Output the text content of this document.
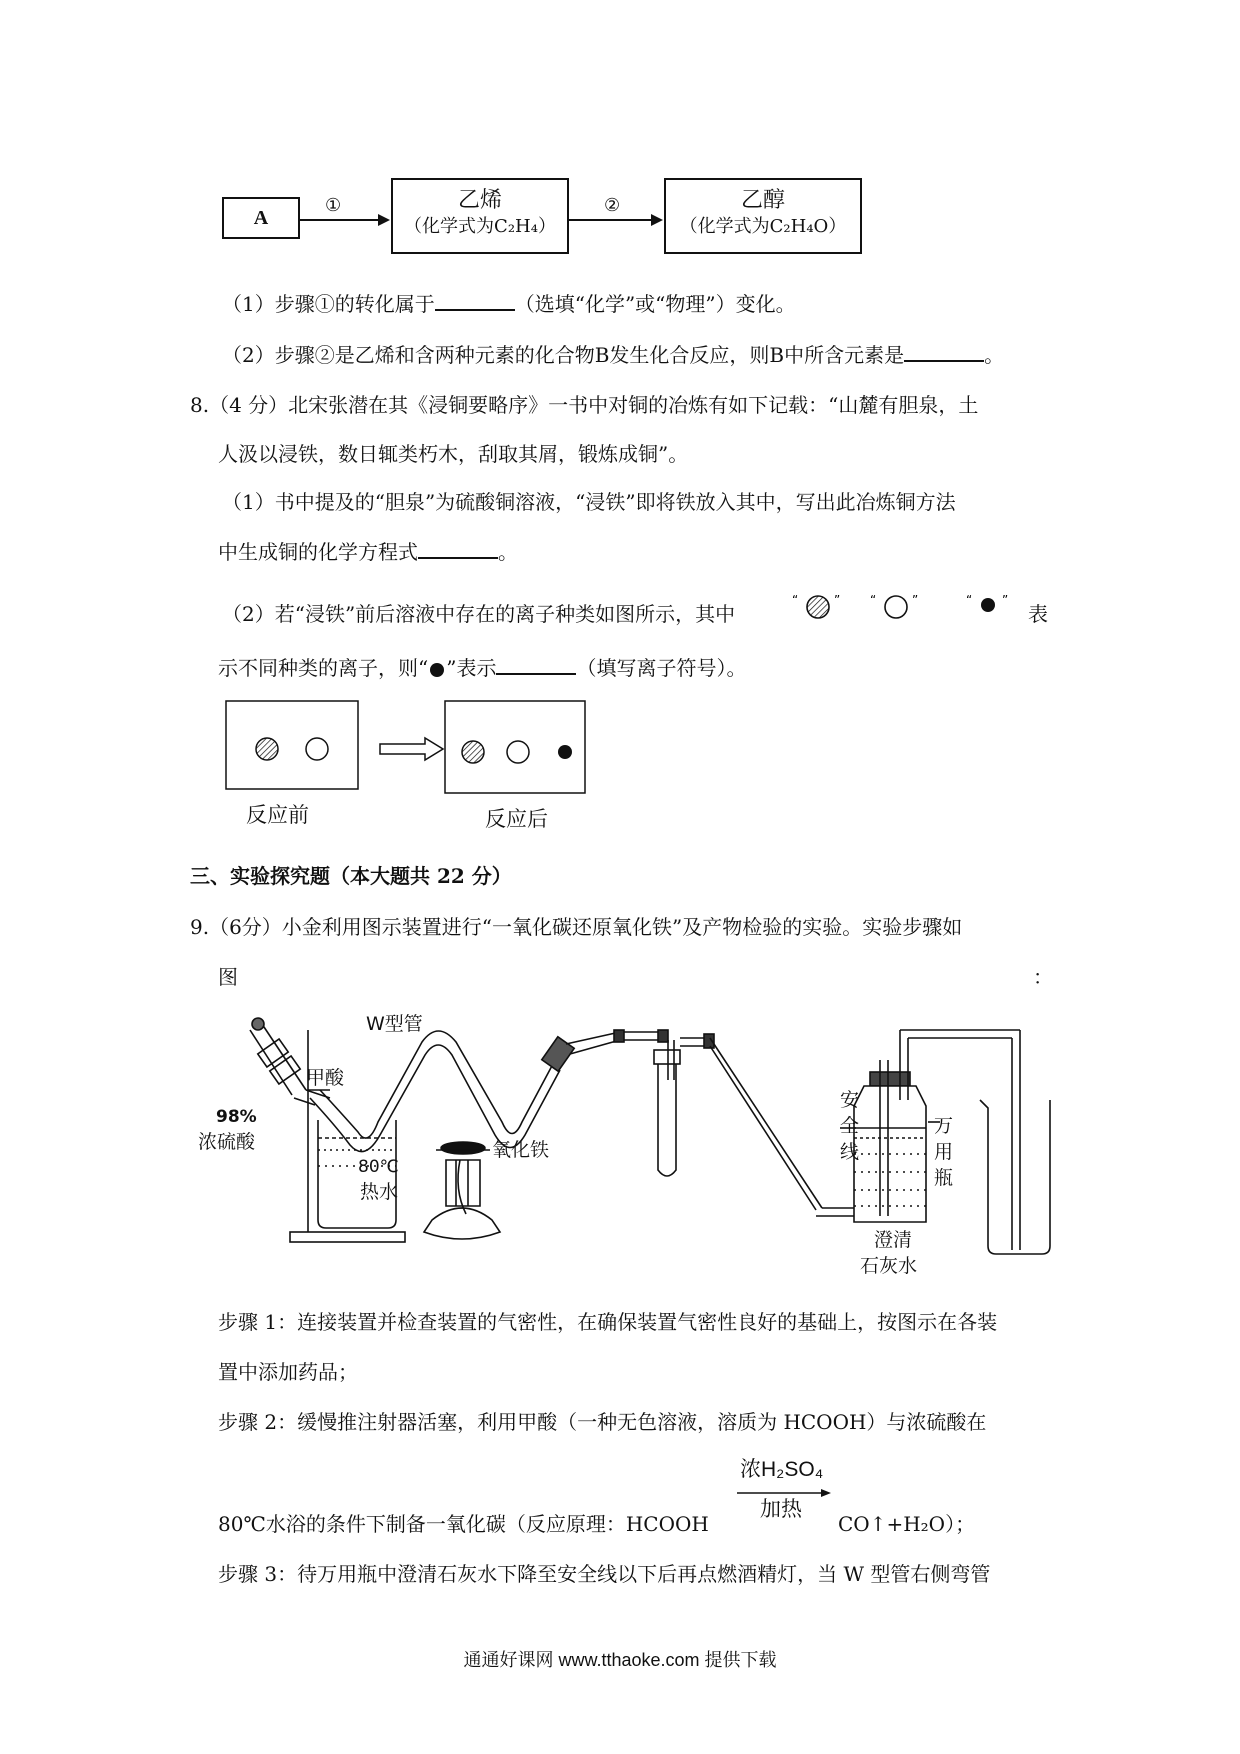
A
①	乙烯
（化学式为C₂H₄）
②	乙醇
（化学式为C₂H₄O）
（1）步骤①的转化属于	（选填“化学”或“物理”）变化。
（2）步骤②是乙烯和含两种元素的化合物B发生化合反应，则B中所含元素是	。
8.（4 分）北宋张潜在其《浸铜要略序》一书中对铜的冶炼有如下记载：“山麓有胆泉，土
人汲以浸铁，数日辄类朽木，刮取其屑，锻炼成铜”。
（1）书中提及的“胆泉”为硫酸铜溶液，“浸铁”即将铁放入其中，写出此冶炼铜方法
中生成铜的化学方程式	。
（2）若“浸铁”前后溶液中存在的离子种类如图所示，其中
“	” “	”	“ ”
表
示不同种类的离子，则“ ”表示	（填写离子符号）。
反应前	反应后
三、实验探究题（本大题共 22 分）
9.（6分）小金利用图示装置进行“一氧化碳还原氧化铁”及产物检验的实验。实验步骤如
图	：
W型管
甲酸
98%
浓硫酸
80℃
热水
氧化铁
安
全
线
万
用
瓶
澄清
石灰水
步骤 1：连接装置并检查装置的气密性，在确保装置气密性良好的基础上，按图示在各装
置中添加药品；
步骤 2：缓慢推注射器活塞，利用甲酸（一种无色溶液，溶质为 HCOOH）与浓硫酸在
浓H₂SO₄
加热
80℃水浴的条件下制备一氧化碳（反应原理：HCOOH	CO↑+H₂O）；
步骤 3：待万用瓶中澄清石灰水下降至安全线以下后再点燃酒精灯，当 W 型管右侧弯管
通通好课网 www.tthaoke.com 提供下载
